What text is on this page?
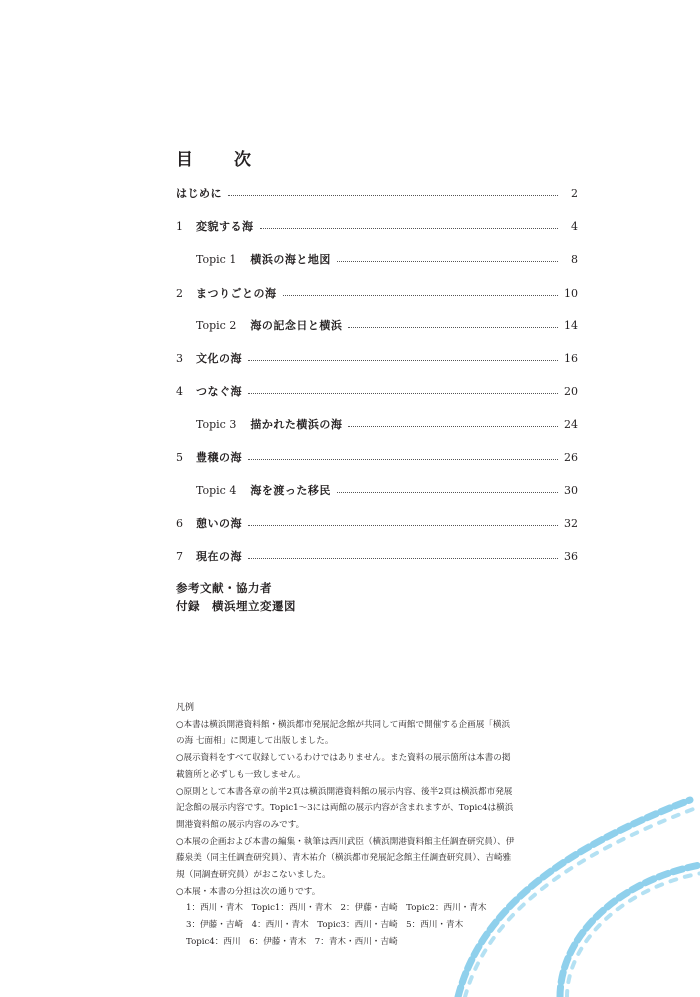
目　次
はじめに	2
1	変貌する海	4
Topic 1 横浜の海と地図	8
2	まつりごとの海	10
Topic 2 海の記念日と横浜	14
3	文化の海	16
4	つなぐ海	20
Topic 3 描かれた横浜の海	24
5	豊穣の海	26
Topic 4 海を渡った移民	30
6	憩いの海	32
7	現在の海	36
参考文献・協力者
付録　横浜埋立変遷図
凡例

○本書は横浜開港資料館・横浜都市発展記念館が共同して両館で開催する企画展「横浜の海 七面相」に関連して出版しました。

○展示資料をすべて収録しているわけではありません。また資料の展示箇所は本書の掲載箇所と必ずしも一致しません。

○原則として本書各章の前半2頁は横浜開港資料館の展示内容、後半2頁は横浜都市発展記念館の展示内容です。Topic1～3には両館の展示内容が含まれますが、Topic4は横浜開港資料館の展示内容のみです。

○本展の企画および本書の編集・執筆は西川武臣（横浜開港資料館主任調査研究員）、伊藤泉美（同主任調査研究員）、青木祐介（横浜都市発展記念館主任調査研究員）、吉崎雅規（同調査研究員）がおこないました。

○本展・本書の分担は次の通りです。

1：西川・青木　Topic1：西川・青木　2：伊藤・吉崎　Topic2：西川・青木
3：伊藤・吉崎　4：西川・青木　Topic3：西川・吉崎　5：西川・青木
Topic4：西川　6：伊藤・青木　7：青木・西川・吉崎
